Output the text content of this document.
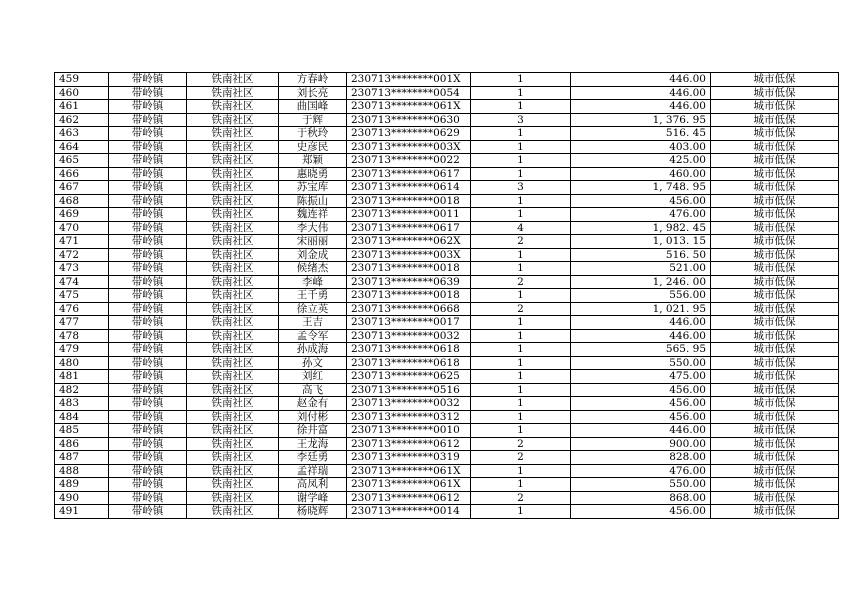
459	带岭镇	铁南社区	方春岭	230713********001X	1	446.00	城市低保
460	带岭镇	铁南社区	刘长亮	230713********0054	1	446.00	城市低保
461	带岭镇	铁南社区	曲国峰	230713********061X	1	446.00	城市低保
462	带岭镇	铁南社区	于辉	230713********0630	3	1, 376. 95	城市低保
463	带岭镇	铁南社区	于秋玲	230713********0629	1	516. 45	城市低保
464	带岭镇	铁南社区	史彦民	230713********003X	1	403.00	城市低保
465	带岭镇	铁南社区	郑颖	230713********0022	1	425.00	城市低保
466	带岭镇	铁南社区	惠晓勇	230713********0617	1	460.00	城市低保
467	带岭镇	铁南社区	苏宝库	230713********0614	3	1, 748. 95	城市低保
468	带岭镇	铁南社区	陈振山	230713********0018	1	456.00	城市低保
469	带岭镇	铁南社区	魏连祥	230713********0011	1	476.00	城市低保
470	带岭镇	铁南社区	李大伟	230713********0617	4	1, 982. 45	城市低保
471	带岭镇	铁南社区	宋丽丽	230713********062X	2	1, 013. 15	城市低保
472	带岭镇	铁南社区	刘金成	230713********003X	1	516. 50	城市低保
473	带岭镇	铁南社区	候绪杰	230713********0018	1	521.00	城市低保
474	带岭镇	铁南社区	李峰	230713********0639	2	1, 246. 00	城市低保
475	带岭镇	铁南社区	王千勇	230713********0018	1	556.00	城市低保
476	带岭镇	铁南社区	徐立英	230713********0668	2	1, 021. 95	城市低保
477	带岭镇	铁南社区	王吉	230713********0017	1	446.00	城市低保
478	带岭镇	铁南社区	孟令军	230713********0032	1	446.00	城市低保
479	带岭镇	铁南社区	孙成海	230713********0618	1	565. 95	城市低保
480	带岭镇	铁南社区	孙文	230713********0618	1	550.00	城市低保
481	带岭镇	铁南社区	刘红	230713********0625	1	475.00	城市低保
482	带岭镇	铁南社区	高飞	230713********0516	1	456.00	城市低保
483	带岭镇	铁南社区	赵金有	230713********0032	1	456.00	城市低保
484	带岭镇	铁南社区	刘付彬	230713********0312	1	456.00	城市低保
485	带岭镇	铁南社区	徐井富	230713********0010	1	446.00	城市低保
486	带岭镇	铁南社区	王龙海	230713********0612	2	900.00	城市低保
487	带岭镇	铁南社区	李廷勇	230713********0319	2	828.00	城市低保
488	带岭镇	铁南社区	孟祥瑞	230713********061X	1	476.00	城市低保
489	带岭镇	铁南社区	高凤利	230713********061X	1	550.00	城市低保
490	带岭镇	铁南社区	谢学峰	230713********0612	2	868.00	城市低保
491	带岭镇	铁南社区	杨晓辉	230713********0014	1	456.00	城市低保
